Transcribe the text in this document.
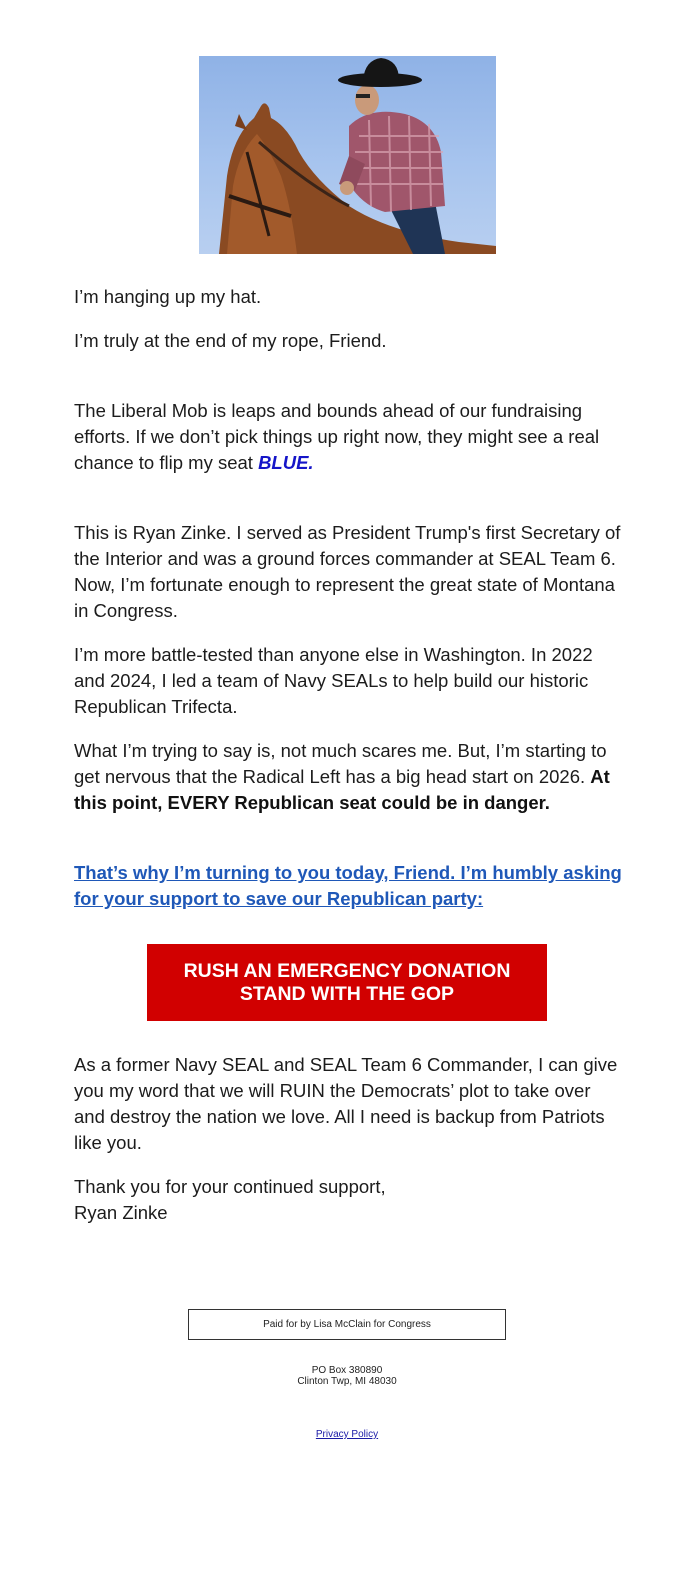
I’m hanging up my hat.

I’m truly at the end of my rope, Friend.

The Liberal Mob is leaps and bounds ahead of our fundraising efforts. If we don’t pick things up right now, they might see a real chance to flip my seat BLUE.

This is Ryan Zinke. I served as President Trump's first Secretary of the Interior and was a ground forces commander at SEAL Team 6. Now, I’m fortunate enough to represent the great state of Montana in Congress.

I’m more battle-tested than anyone else in Washington. In 2022 and 2024, I led a team of Navy SEALs to help build our historic Republican Trifecta.

What I’m trying to say is, not much scares me. But, I’m starting to get nervous that the Radical Left has a big head start on 2026. At this point, EVERY Republican seat could be in danger.

That’s why I’m turning to you today, Friend. I’m humbly asking for your support to save our Republican party:

RUSH AN EMERGENCY DONATION
STAND WITH THE GOP

As a former Navy SEAL and SEAL Team 6 Commander, I can give you my word that we will RUIN the Democrats’ plot to take over and destroy the nation we love. All I need is backup from Patriots like you.

Thank you for your continued support,

Ryan Zinke

Paid for by Lisa McClain for Congress
PO Box 380890
Clinton Twp, MI 48030
Privacy Policy
